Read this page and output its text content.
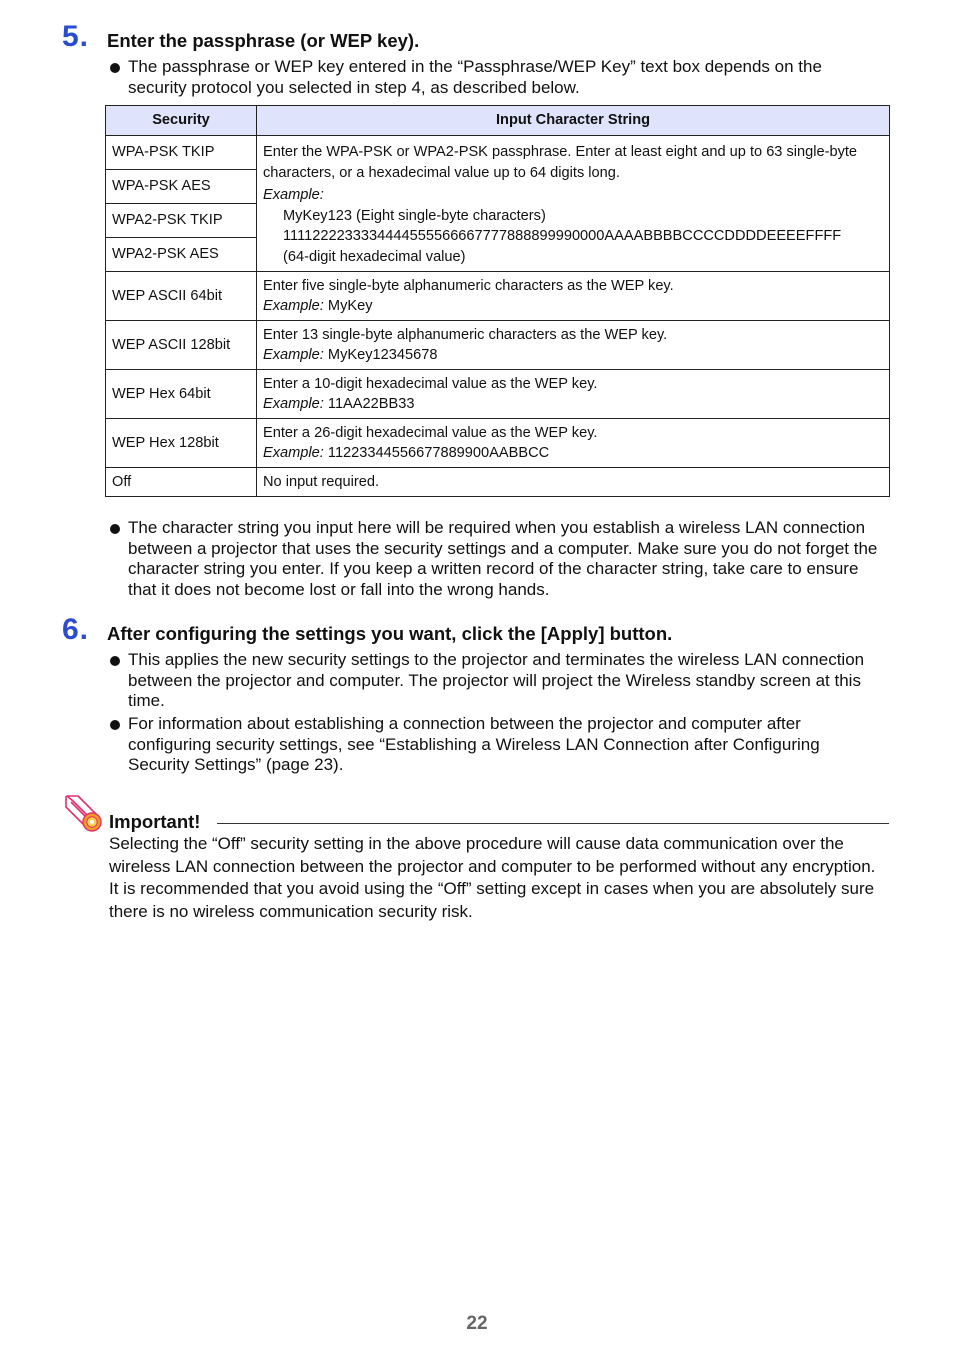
5. Enter the passphrase (or WEP key).
The passphrase or WEP key entered in the “Passphrase/WEP Key” text box depends on the security protocol you selected in step 4, as described below.
Security	Input Character String
WPA-PSK TKIP	Enter the WPA-PSK or WPA2-PSK passphrase. Enter at least eight and up to 63 single-byte characters, or a hexadecimal value up to 64 digits long.
Example:
MyKey123 (Eight single-byte characters)
1111222233334444555566667777888899990000AAAABBBBCCCCDDDDEEEEFFFF
(64-digit hexadecimal value)

WPA-PSK AES	
WPA2-PSK TKIP	
WPA2-PSK AES	
WEP ASCII 64bit	Enter five single-byte alphanumeric characters as the WEP key.
Example: MyKey

WEP ASCII 128bit	Enter 13 single-byte alphanumeric characters as the WEP key.
Example: MyKey12345678

WEP Hex 64bit	Enter a 10-digit hexadecimal value as the WEP key.
Example: 11AA22BB33

WEP Hex 128bit	Enter a 26-digit hexadecimal value as the WEP key.
Example: 11223344556677889900AABBCC

Off	No input required.
The character string you input here will be required when you establish a wireless LAN connection between a projector that uses the security settings and a computer. Make sure you do not forget the character string you enter. If you keep a written record of the character string, take care to ensure that it does not become lost or fall into the wrong hands.
6. After configuring the settings you want, click the [Apply] button.
This applies the new security settings to the projector and terminates the wireless LAN connection between the projector and computer. The projector will project the Wireless standby screen at this time.
For information about establishing a connection between the projector and computer after configuring security settings, see “Establishing a Wireless LAN Connection after Configuring Security Settings” (page 23).
Important!
Selecting the “Off” security setting in the above procedure will cause data communication over the wireless LAN connection between the projector and computer to be performed without any encryption. It is recommended that you avoid using the “Off” setting except in cases when you are absolutely sure there is no wireless communication security risk.
22
